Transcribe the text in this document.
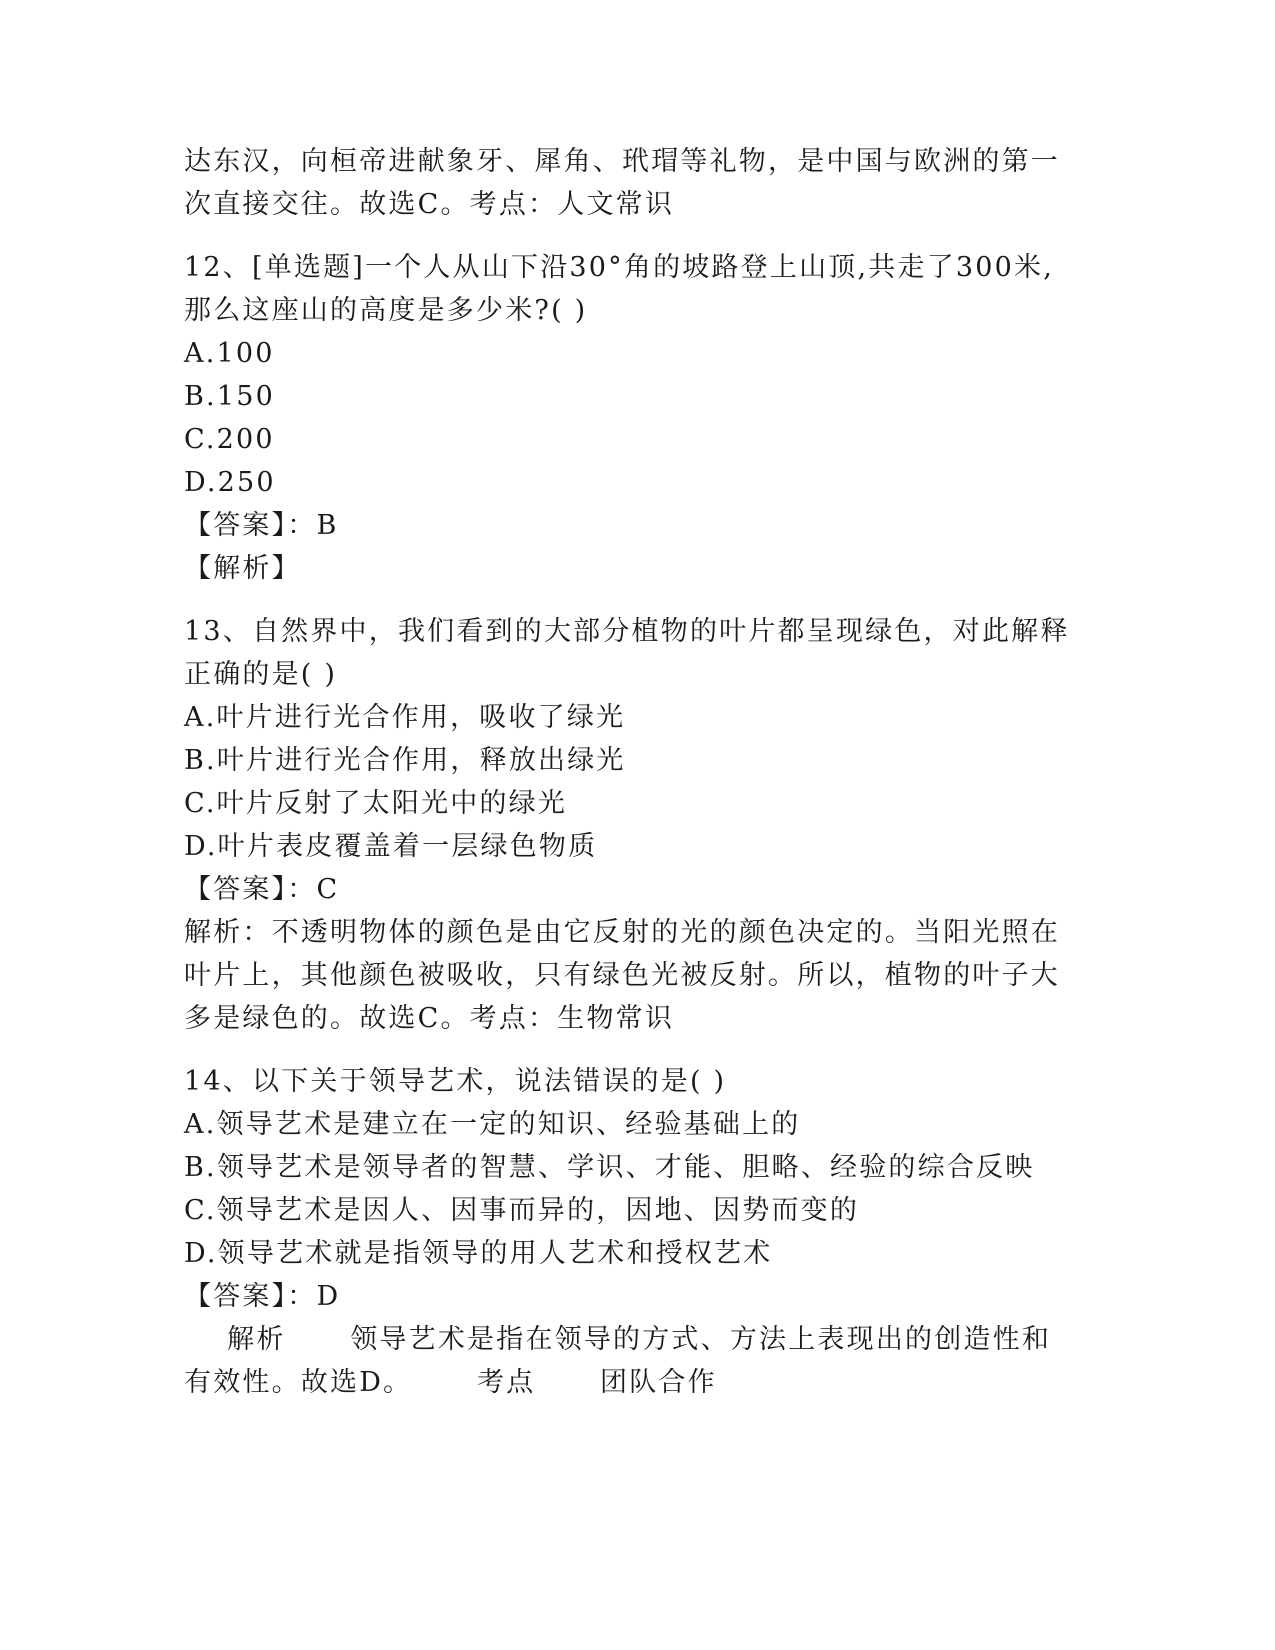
达东汉，向桓帝进献象牙、犀角、玳瑁等礼物，是中国与欧洲的第一
次直接交往。故选C。考点：人文常识
12、[单选题]一个人从山下沿30°角的坡路登上山顶,共走了300米,
那么这座山的高度是多少米?( )
A.100
B.150
C.200
D.250
【答案】：B
【解析】
13、自然界中，我们看到的大部分植物的叶片都呈现绿色，对此解释
正确的是( )
A.叶片进行光合作用，吸收了绿光
B.叶片进行光合作用，释放出绿光
C.叶片反射了太阳光中的绿光
D.叶片表皮覆盖着一层绿色物质
【答案】：C
解析：不透明物体的颜色是由它反射的光的颜色决定的。当阳光照在
叶片上，其他颜色被吸收，只有绿色光被反射。所以，植物的叶子大
多是绿色的。故选C。考点：生物常识
14、以下关于领导艺术，说法错误的是( )
A.领导艺术是建立在一定的知识、经验基础上的
B.领导艺术是领导者的智慧、学识、才能、胆略、经验的综合反映
C.领导艺术是因人、因事而异的，因地、因势而变的
D.领导艺术就是指领导的用人艺术和授权艺术
【答案】：D
解析      领导艺术是指在领导的方式、方法上表现出的创造性和
有效性。故选D。      考点      团队合作
